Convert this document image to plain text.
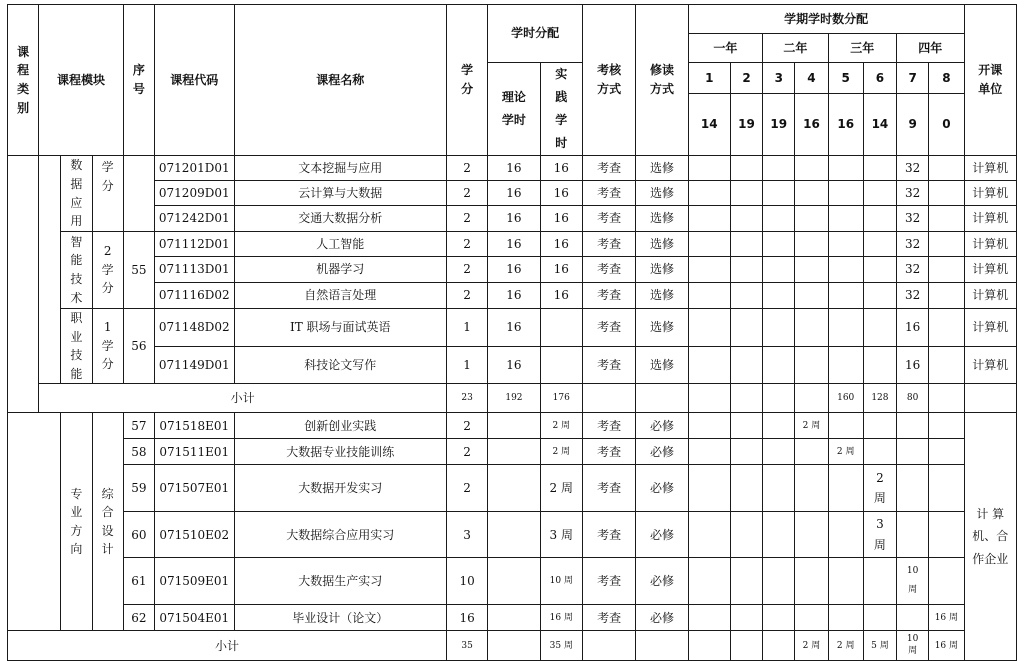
课程类别	课程模块			序号	课程代码	课程名称	学分	学时分配		考核方式	修读方式	学期学时数分配								开课单位
												一年		二年		三年		四年		
								理论学时	实践学时			1	2	3	4	5	6	7	8	
												14	19	19	16	16	14	9	0	
		数据应用	学分		071201D01	文本挖掘与应用	2	16	16	考查	选修							32		计算机
					071209D01	云计算与大数据	2	16	16	考查	选修							32		计算机
					071242D01	交通大数据分析	2	16	16	考查	选修							32		计算机
		智能技术	2学分	55	071112D01	人工智能	2	16	16	考查	选修							32		计算机
					071113D01	机器学习	2	16	16	考查	选修							32		计算机
					071116D02	自然语言处理	2	16	16	考查	选修							32		计算机
		职业技能	1学分	56	071148D02	IT 职场与面试英语	1	16		考查	选修							16		计算机
					071149D01	科技论文写作	1	16		考查	选修							16		计算机
	小计						23	192	176							160	128	80		
		专业方向	综合设计	57	071518E01	创新创业实践	2		2 周	考查	必修				2 周					计 算机、合作企业
				58	071511E01	大数据专业技能训练	2		2 周	考查	必修					2 周				
				59	071507E01	大数据开发实习	2		2 周	考查	必修						2 周			
				60	071510E02	大数据综合应用实习	3		3 周	考查	必修						3 周			
				61	071509E01	大数据生产实习	10		10 周	考查	必修							10 周		
				62	071504E01	毕业设计（论文）	16		16 周	考查	必修								16 周	
小计							35		35 周						2 周	2 周	5 周	10 周	16 周	
